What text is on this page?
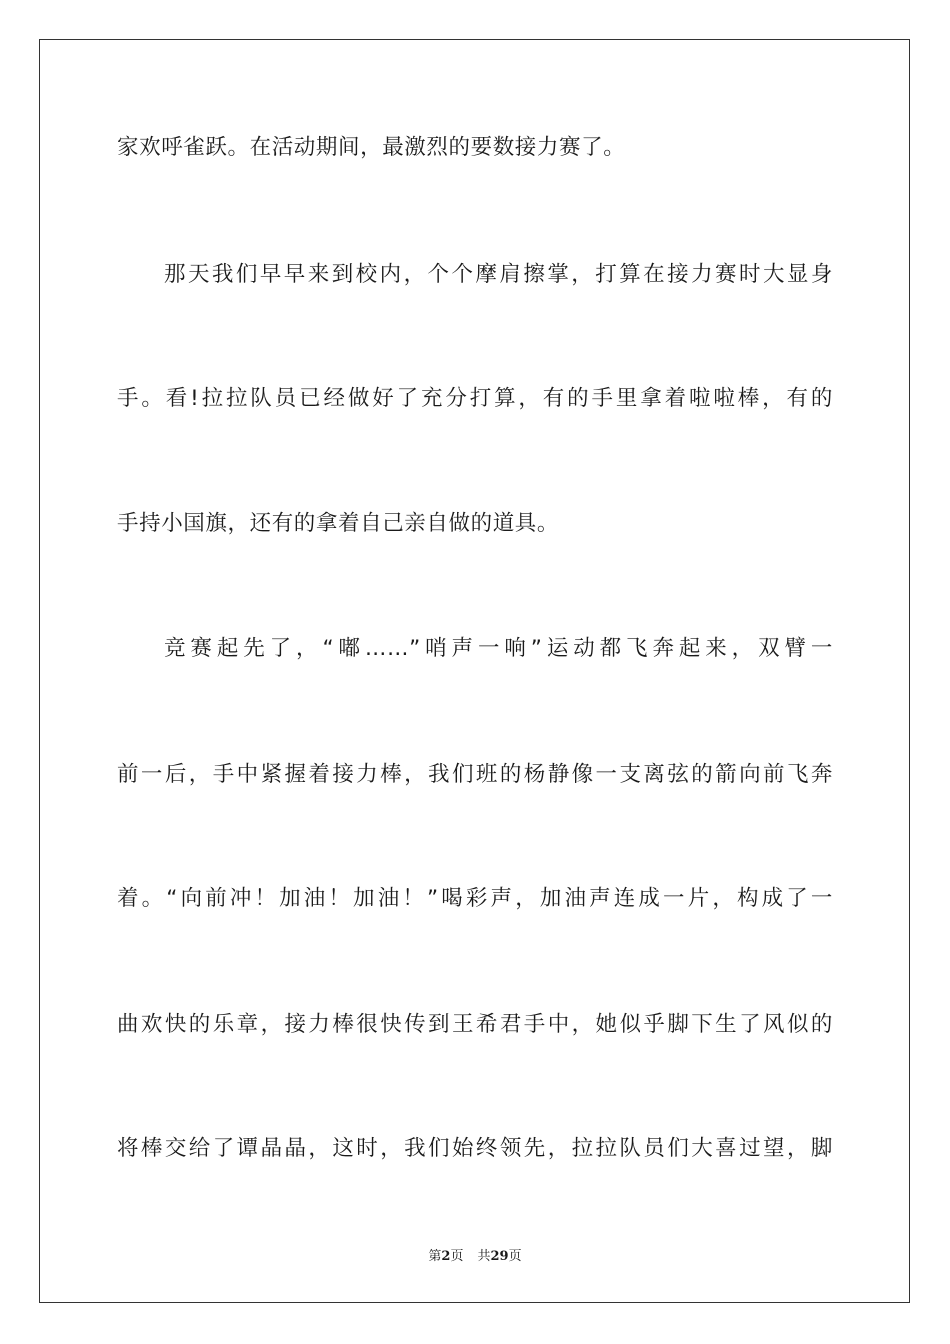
家欢呼雀跃。在活动期间，最激烈的要数接力赛了。
那天我们早早来到校内，个个摩肩擦掌，打算在接力赛时大显身
手。看!拉拉队员已经做好了充分打算，有的手里拿着啦啦棒，有的
手持小国旗，还有的拿着自己亲自做的道具。
竞赛起先了，“嘟……”哨声一响”运动都飞奔起来，双臂一
前一后，手中紧握着接力棒，我们班的杨静像一支离弦的箭向前飞奔
着。“向前冲！加油！加油！”喝彩声，加油声连成一片，构成了一
曲欢快的乐章，接力棒很快传到王希君手中，她似乎脚下生了风似的
将棒交给了谭晶晶，这时，我们始终领先，拉拉队员们大喜过望，脚
第2页 共29页
